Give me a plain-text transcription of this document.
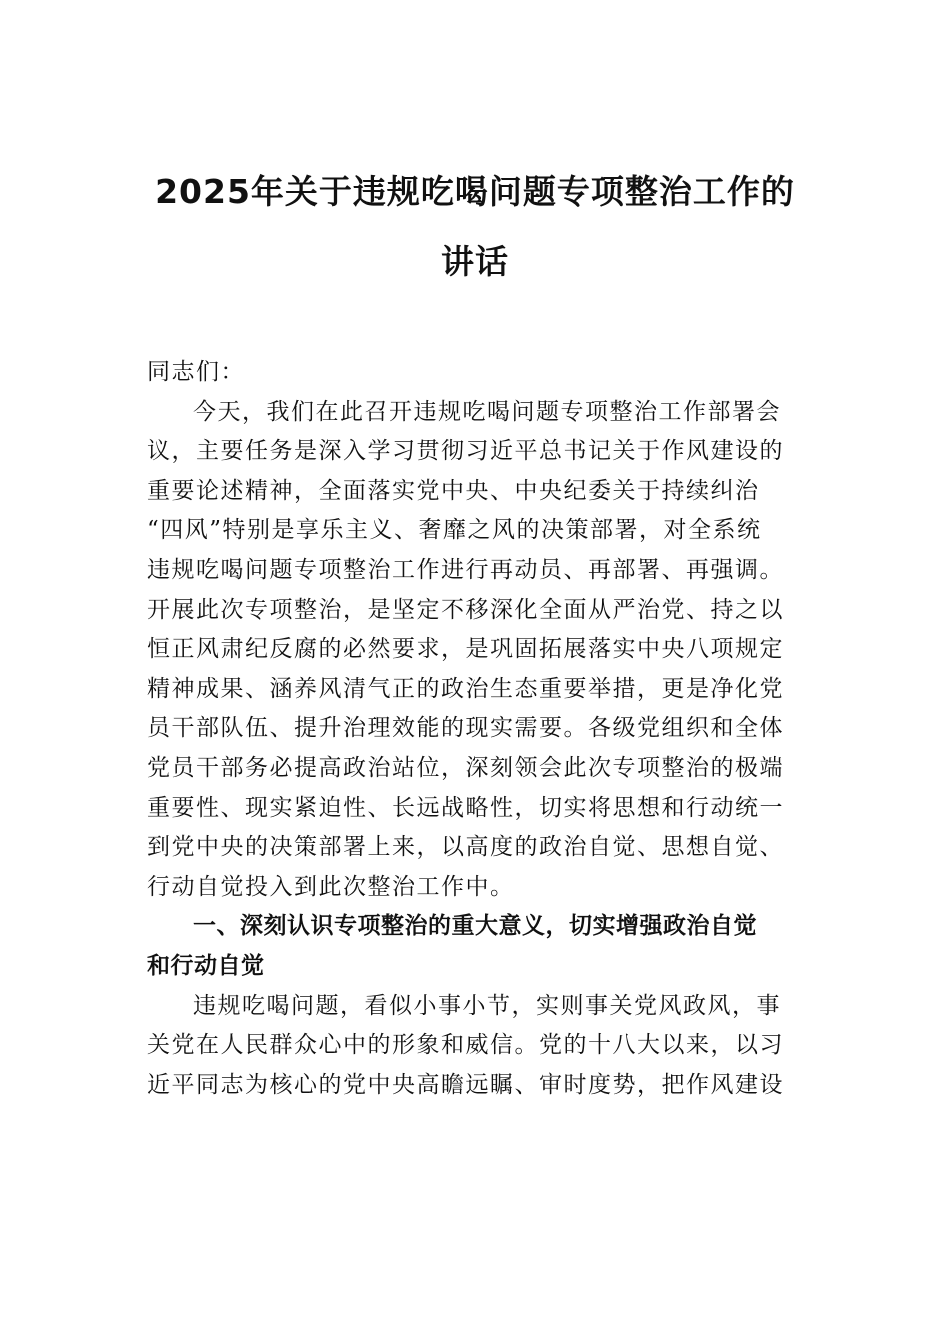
2025年关于违规吃喝问题专项整治工作的
讲话
同志们：
今天，我们在此召开违规吃喝问题专项整治工作部署会
议，主要任务是深入学习贯彻习近平总书记关于作风建设的
重要论述精神，全面落实党中央、中央纪委关于持续纠治
“四风”特别是享乐主义、奢靡之风的决策部署，对全系统
违规吃喝问题专项整治工作进行再动员、再部署、再强调。
开展此次专项整治，是坚定不移深化全面从严治党、持之以
恒正风肃纪反腐的必然要求，是巩固拓展落实中央八项规定
精神成果、涵养风清气正的政治生态重要举措，更是净化党
员干部队伍、提升治理效能的现实需要。各级党组织和全体
党员干部务必提高政治站位，深刻领会此次专项整治的极端
重要性、现实紧迫性、长远战略性，切实将思想和行动统一
到党中央的决策部署上来，以高度的政治自觉、思想自觉、
行动自觉投入到此次整治工作中。
一、深刻认识专项整治的重大意义，切实增强政治自觉
和行动自觉
违规吃喝问题，看似小事小节，实则事关党风政风，事
关党在人民群众心中的形象和威信。党的十八大以来，以习
近平同志为核心的党中央高瞻远瞩、审时度势，把作风建设
